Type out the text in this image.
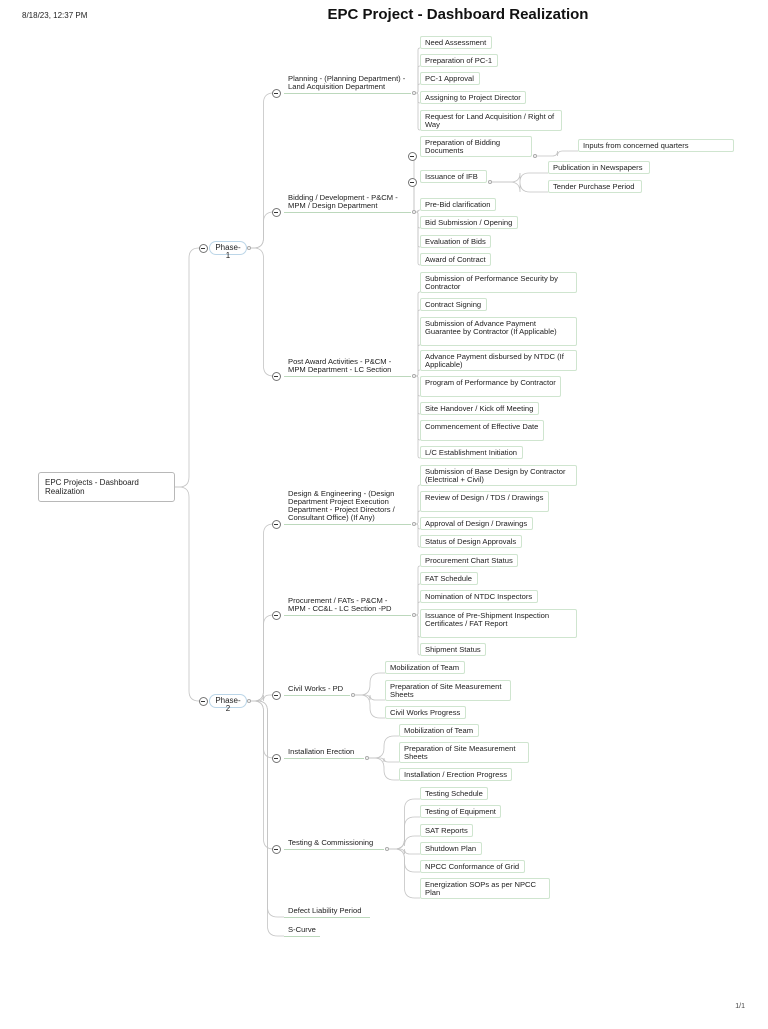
8/18/23, 12:37 PM	EPC Project - Dashboard Realization
1/1
EPC Projects - Dashboard Realization
Phase-1
Planning - (Planning Department) - Land Acquisition Department
Need Assessment
Preparation of PC-1
PC-1 Approval
Assigning to Project Director
Request for Land Acquisition / Right of Way
Bidding / Development - P&CM - MPM / Design Department
Preparation of Bidding Documents
Inputs from concerned quarters
Issuance of IFB
Publication in Newspapers
Tender Purchase Period
Pre-Bid clarification
Bid Submission / Opening
Evaluation of Bids
Award of Contract
Post Award Activities - P&CM - MPM Department - LC Section
Submission of Performance Security by Contractor
Contract Signing
Submission of Advance Payment Guarantee by Contractor (If Applicable)
Advance Payment disbursed by NTDC (If Applicable)
Program of Performance by Contractor
Site Handover / Kick off Meeting
Commencement of Effective Date
L/C Establishment Initiation
Phase-2
Design & Engineering - (Design Department Project Execution Department - Project Directors / Consultant Office) (If Any)
Submission of Base Design by Contractor (Electrical + Civil)
Review of Design / TDS / Drawings
Approval of Design / Drawings
Status of Design Approvals
Procurement / FATs - P&CM - MPM - CC&L - LC Section -PD
Procurement Chart Status
FAT Schedule
Nomination of NTDC Inspectors
Issuance of Pre-Shipment Inspection Certificates / FAT Report
Shipment Status
Civil Works - PD
Mobilization of Team
Preparation of Site Measurement Sheets
Civil Works Progress
Installation Erection
Mobilization of Team
Preparation of Site Measurement Sheets
Installation / Erection Progress
Testing & Commissioning
Testing Schedule
Testing of Equipment
SAT Reports
Shutdown Plan
NPCC Conformance of Grid
Energization SOPs as per NPCC Plan
Defect Liability Period
S-Curve
